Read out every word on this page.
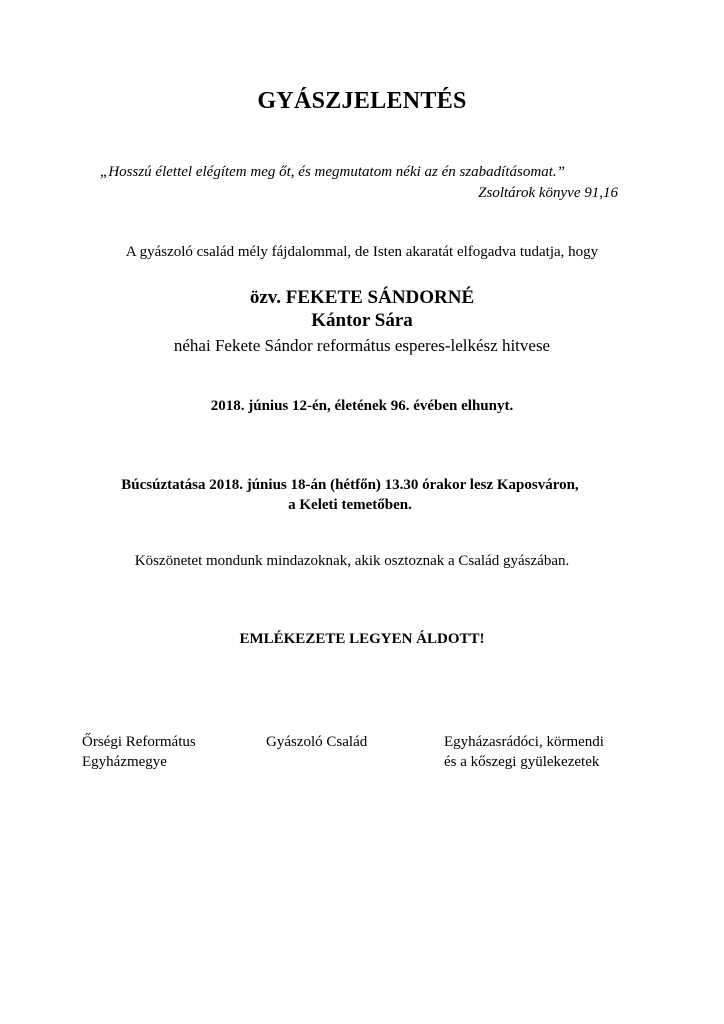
GYÁSZJELENTÉS
„Hosszú élettel elégítem meg őt, és megmutatom néki az én szabadításomat.”
Zsoltárok könyve 91,16
A gyászoló család mély fájdalommal, de Isten akaratát elfogadva tudatja, hogy
özv. FEKETE SÁNDORNÉ
Kántor Sára
néhai Fekete Sándor református esperes-lelkész hitvese
2018. június 12-én, életének 96. évében elhunyt.
Búcsúztatása 2018. június 18-án (hétfőn) 13.30 órakor lesz Kaposváron,
a Keleti temetőben.
Köszönetet mondunk mindazoknak, akik osztoznak a Család gyászában.
EMLÉKEZETE LEGYEN ÁLDOTT!
Őrségi Református
Egyházmegye
Gyászoló Család	Egyházasrádóci, körmendi
és a kőszegi gyülekezetek
